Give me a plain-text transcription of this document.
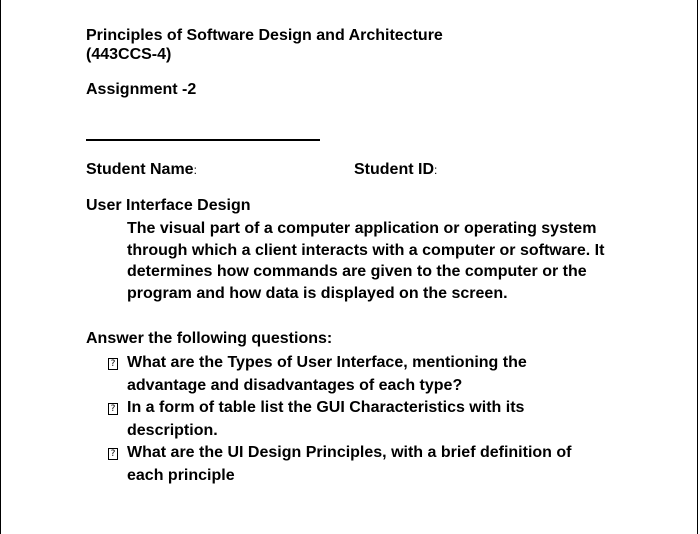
Principles of Software Design and Architecture
(443CCS-4)
Assignment -2
Student Name:	Student ID:
User Interface Design
The visual part of a computer application or operating system through which a client interacts with a computer or software. It determines how commands are given to the computer or the program and how data is displayed on the screen.
Answer the following questions:
? What are the Types of User Interface, mentioning the advantage and disadvantages of each type?
? In a form of table list the GUI Characteristics with its description.
? What are the UI Design Principles, with a brief definition of each principle
